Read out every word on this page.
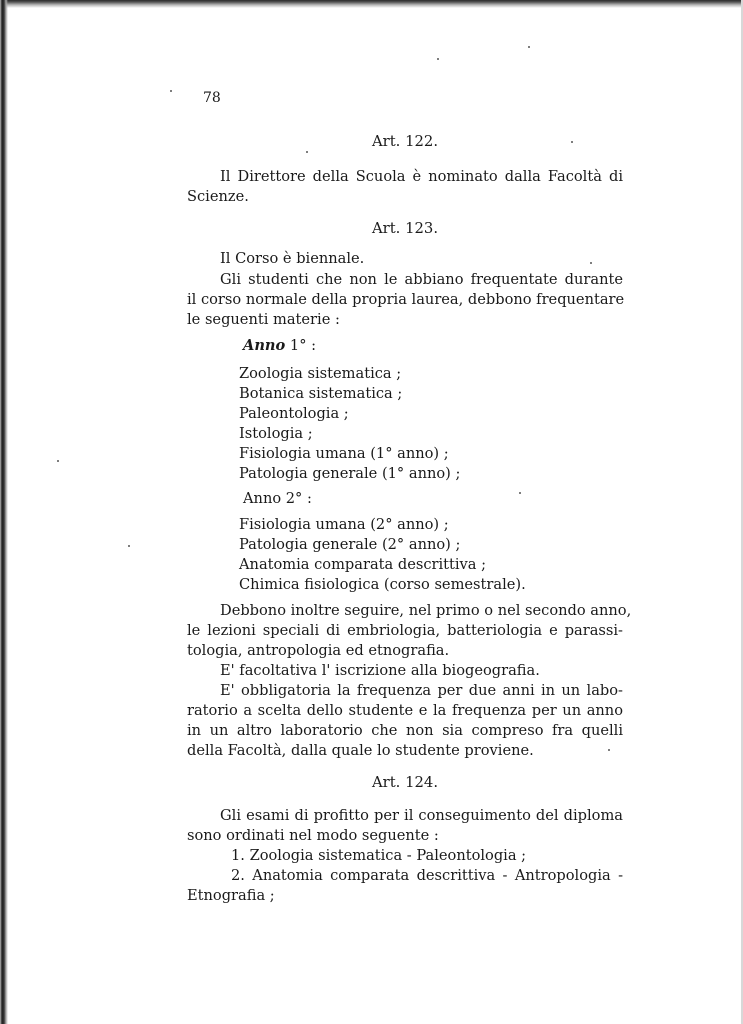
78
Art. 122.
Il Direttore della Scuola è nominato dalla Facoltà di
Scienze.
Art. 123.
Il Corso è biennale.
Gli studenti che non le abbiano frequentate durante
il corso normale della propria laurea, debbono frequentare
le seguenti materie :
Anno 1° :
Zoologia sistematica ;
Botanica sistematica ;
Paleontologia ;
Istologia ;
Fisiologia umana (1° anno) ;
Patologia generale (1° anno) ;
Anno 2° :
Fisiologia umana (2° anno) ;
Patologia generale (2° anno) ;
Anatomia comparata descrittiva ;
Chimica fisiologica (corso semestrale).
Debbono inoltre seguire, nel primo o nel secondo anno,
le lezioni speciali di embriologia, batteriologia e parassi-
tologia, antropologia ed etnografia.
E' facoltativa l' iscrizione alla biogeografia.
E' obbligatoria la frequenza per due anni in un labo-
ratorio a scelta dello studente e la frequenza per un anno
in un altro laboratorio che non sia compreso fra quelli
della Facoltà, dalla quale lo studente proviene.
Art. 124.
Gli esami di profitto per il conseguimento del diploma
sono ordinati nel modo seguente :
1. Zoologia sistematica - Paleontologia ;
2. Anatomia comparata descrittiva - Antropologia -
Etnografia ;
